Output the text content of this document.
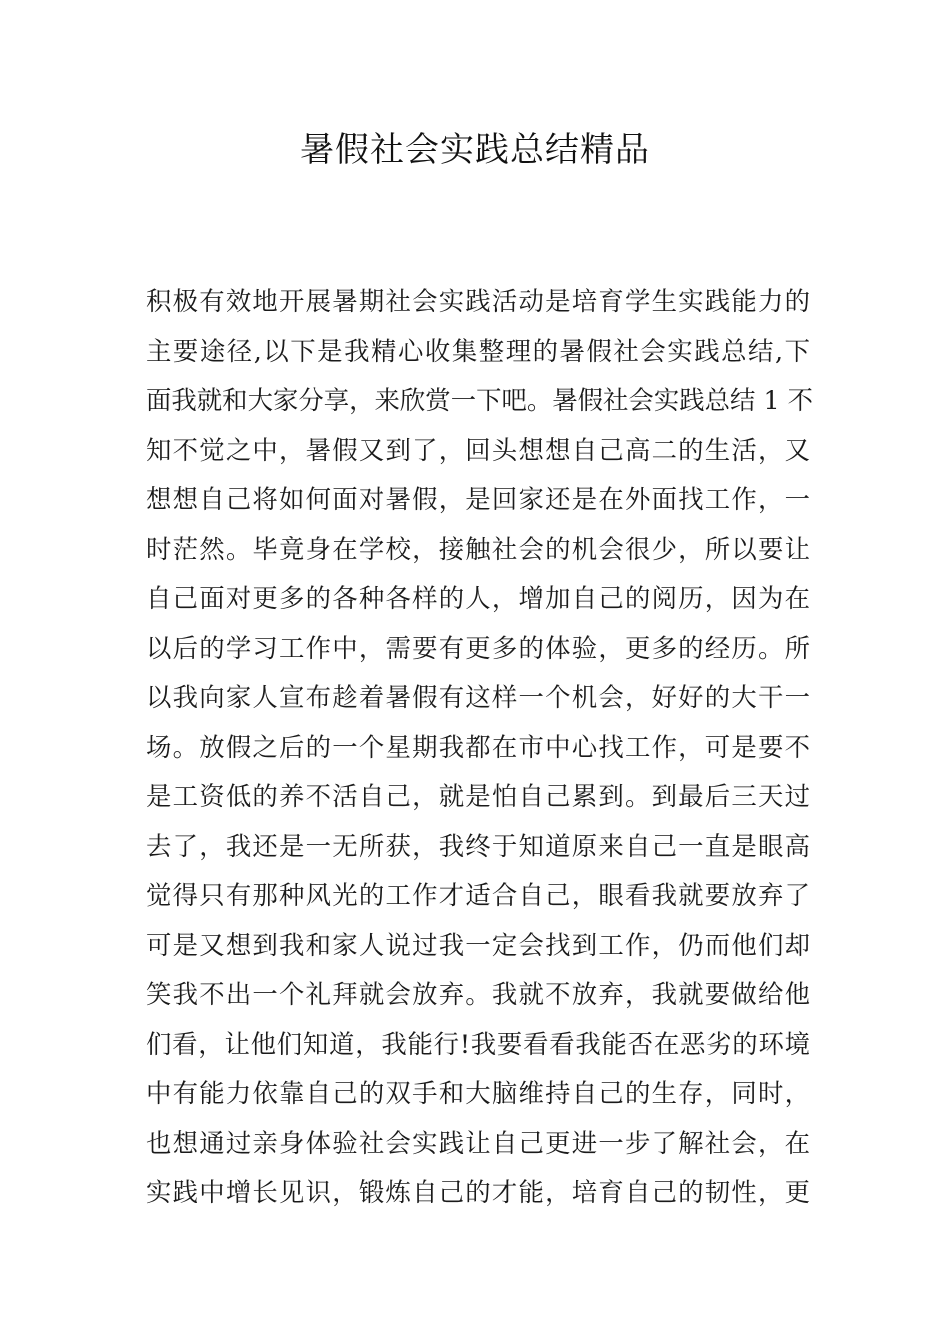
暑假社会实践总结精品
积极有效地开展暑期社会实践活动是培育学生实践能力的
主要途径,以下是我精心收集整理的暑假社会实践总结,下
面我就和大家分享，来欣赏一下吧。暑假社会实践总结 1 不
知不觉之中，暑假又到了，回头想想自己高二的生活，又
想想自己将如何面对暑假，是回家还是在外面找工作，一
时茫然。毕竟身在学校，接触社会的机会很少，所以要让
自己面对更多的各种各样的人，增加自己的阅历，因为在
以后的学习工作中，需要有更多的体验，更多的经历。所
以我向家人宣布趁着暑假有这样一个机会，好好的大干一
场。放假之后的一个星期我都在市中心找工作，可是要不
是工资低的养不活自己，就是怕自己累到。到最后三天过
去了，我还是一无所获，我终于知道原来自己一直是眼高
觉得只有那种风光的工作才适合自己，眼看我就要放弃了
可是又想到我和家人说过我一定会找到工作，仍而他们却
笑我不出一个礼拜就会放弃。我就不放弃，我就要做给他
们看，让他们知道，我能行!我要看看我能否在恶劣的环境
中有能力依靠自己的双手和大脑维持自己的生存，同时，
也想通过亲身体验社会实践让自己更进一步了解社会，在
实践中增长见识，锻炼自己的才能，培育自己的韧性，更
